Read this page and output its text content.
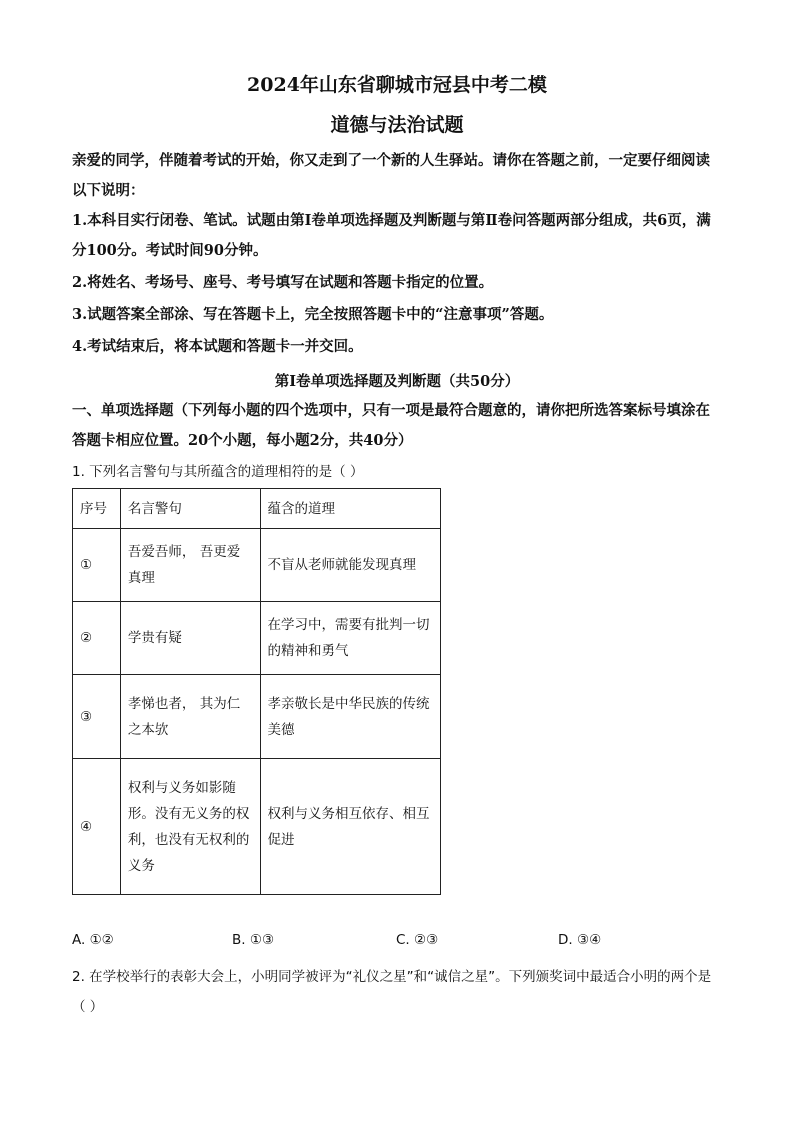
2024年山东省聊城市冠县中考二模
道德与法治试题

亲爱的同学，伴随着考试的开始，你又走到了一个新的人生驿站。请你在答题之前，一定要仔细阅读以下说明：

1.本科目实行闭卷、笔试。试题由第Ⅰ卷单项选择题及判断题与第Ⅱ卷问答题两部分组成，共6页，满分100分。考试时间90分钟。

2.将姓名、考场号、座号、考号填写在试题和答题卡指定的位置。

3.试题答案全部涂、写在答题卡上，完全按照答题卡中的“注意事项”答题。

4.考试结束后，将本试题和答题卡一并交回。

第Ⅰ卷单项选择题及判断题（共50分）

一、单项选择题（下列每小题的四个选项中，只有一项是最符合题意的，请你把所选答案标号填涂在答题卡相应位置。20个小题，每小题2分，共40分）

1. 下列名言警句与其所蕴含的道理相符的是（ ）

序号	名言警句	蕴含的道理
①	吾爱吾师， 吾更爱真理	不盲从老师就能发现真理
②	学贵有疑	在学习中，需要有批判一切的精神和勇气
③	孝悌也者， 其为仁之本欤	孝亲敬长是中华民族的传统美德
④	权利与义务如影随形。没有无义务的权利，也没有无权利的义务	权利与义务相互依存、相互促进
A. ①②	B. ①③	C. ②③	D. ③④

2. 在学校举行的表彰大会上，小明同学被评为“礼仪之星”和“诚信之星”。下列颁奖词中最适合小明的两个是（ ）
